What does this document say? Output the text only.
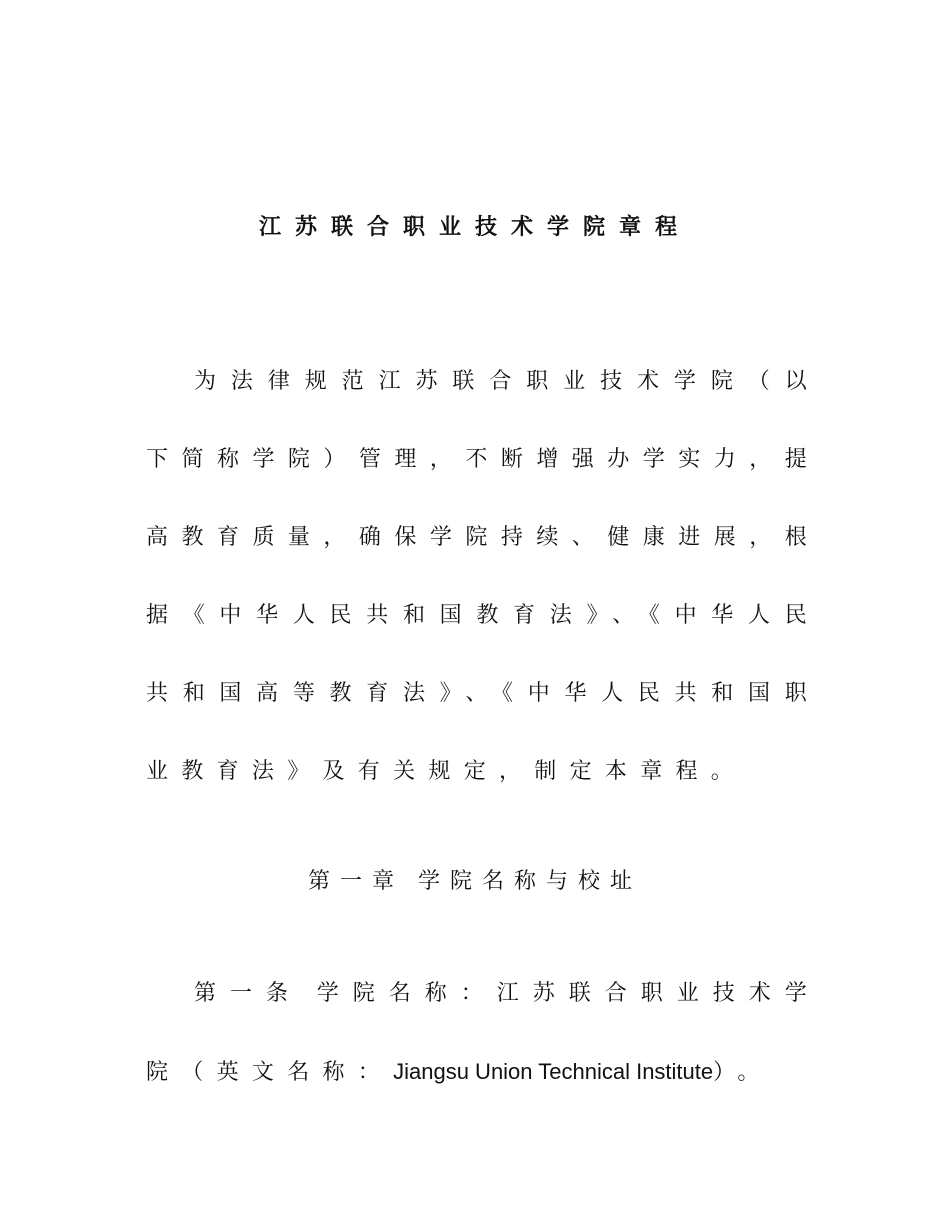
江苏联合职业技术学院章程
为法律规范江苏联合职业技术学院（以下简称学院）管理，不断增强办学实力，提高教育质量，确保学院持续、健康进展，根据《中华人民共和国教育法》、《中华人民共和国高等教育法》、《中华人民共和国职业教育法》及有关规定，制定本章程。
第一章 学院名称与校址
第一条 学院名称：江苏联合职业技术学院（英文名称：Jiangsu Union Technical Institute）。
